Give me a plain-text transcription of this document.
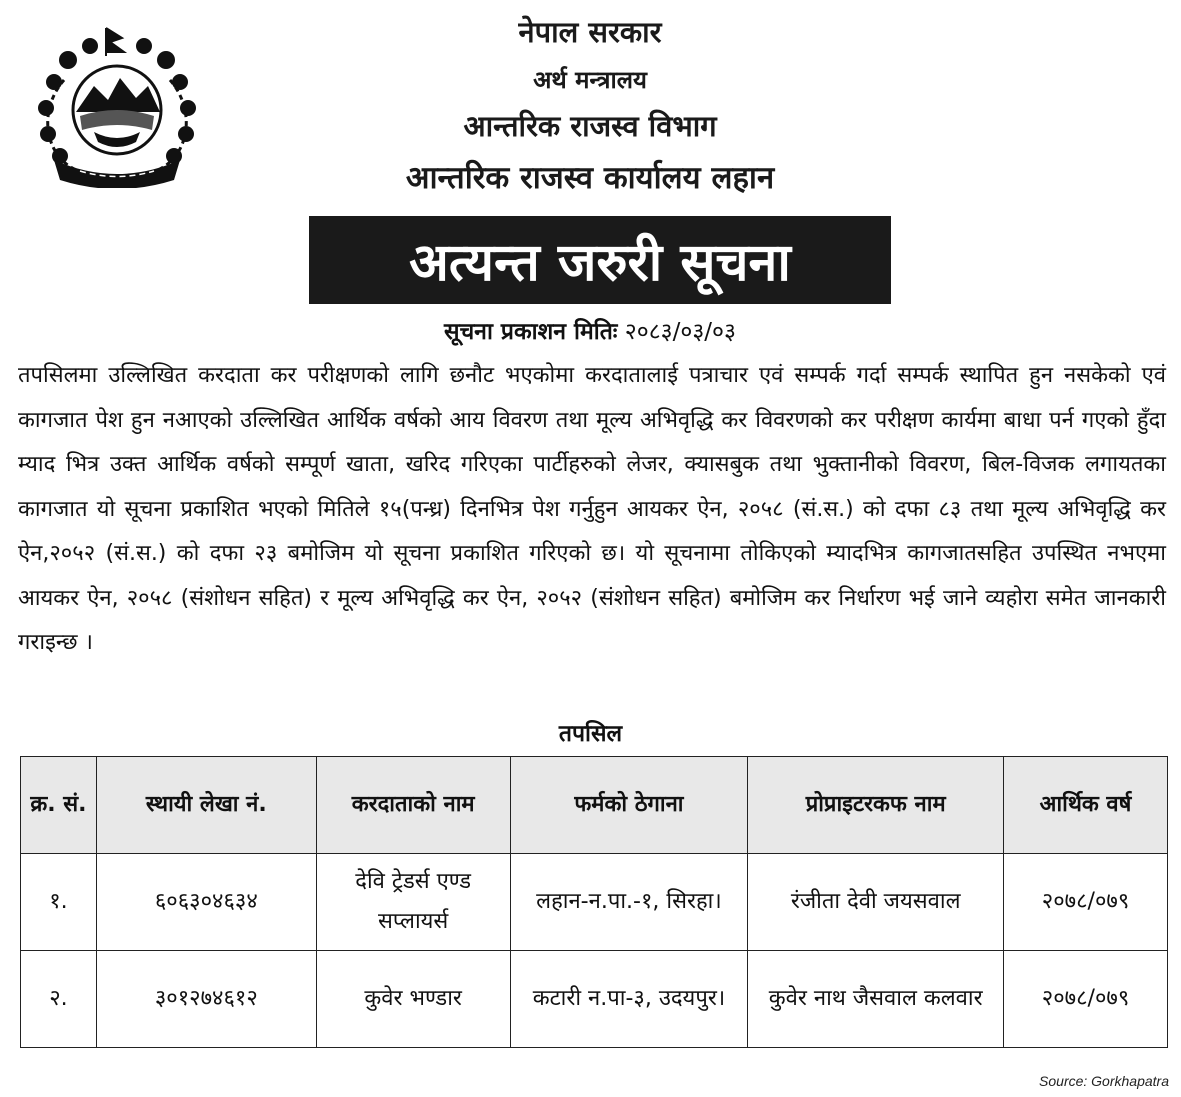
नेपाल सरकार
अर्थ मन्त्रालय
आन्तरिक राजस्व विभाग
आन्तरिक राजस्व कार्यालय लहान
अत्यन्त जरुरी सूचना
सूचना प्रकाशन मितिः २०८३/०३/०३

तपसिलमा उल्लिखित करदाता कर परीक्षणको लागि छनौट भएकोमा करदातालाई पत्राचार एवं सम्पर्क गर्दा सम्पर्क स्थापित हुन नसकेको एवं कागजात पेश हुन नआएको उल्लिखित आर्थिक वर्षको आय विवरण तथा मूल्य अभिवृद्धि कर विवरणको कर परीक्षण कार्यमा बाधा पर्न गएको हुँदा म्याद भित्र उक्त आर्थिक वर्षको सम्पूर्ण खाता, खरिद गरिएका पार्टीहरुको लेजर, क्यासबुक तथा भुक्तानीको विवरण, बिल-विजक लगायतका कागजात यो सूचना प्रकाशित भएको मितिले १५(पन्ध्र) दिनभित्र पेश गर्नुहुन आयकर ऐन, २०५८ (सं.स.) को दफा ८३ तथा मूल्य अभिवृद्धि कर ऐन,२०५२ (सं.स.) को दफा २३ बमोजिम यो सूचना प्रकाशित गरिएको छ। यो सूचनामा तोकिएको म्यादभित्र कागजातसहित उपस्थित नभएमा आयकर ऐन, २०५८ (संशोधन सहित) र मूल्य अभिवृद्धि कर ऐन, २०५२ (संशोधन सहित) बमोजिम कर निर्धारण भई जाने व्यहोरा समेत जानकारी गराइन्छ ।

तपसिल
क्र. सं.	स्थायी लेखा नं.	करदाताको नाम	फर्मको ठेगाना	प्रोप्राइटरकफ नाम	आर्थिक वर्ष
१.	६०६३०४६३४	देवि ट्रेडर्स एण्ड सप्लायर्स	लहान-न.पा.-१, सिरहा।	रंजीता देवी जयसवाल	२०७८/०७९
२.	३०१२७४६१२	कुवेर भण्डार	कटारी न.पा-३, उदयपुर।	कुवेर नाथ जैसवाल कलवार	२०७८/०७९
Source: Gorkhapatra
